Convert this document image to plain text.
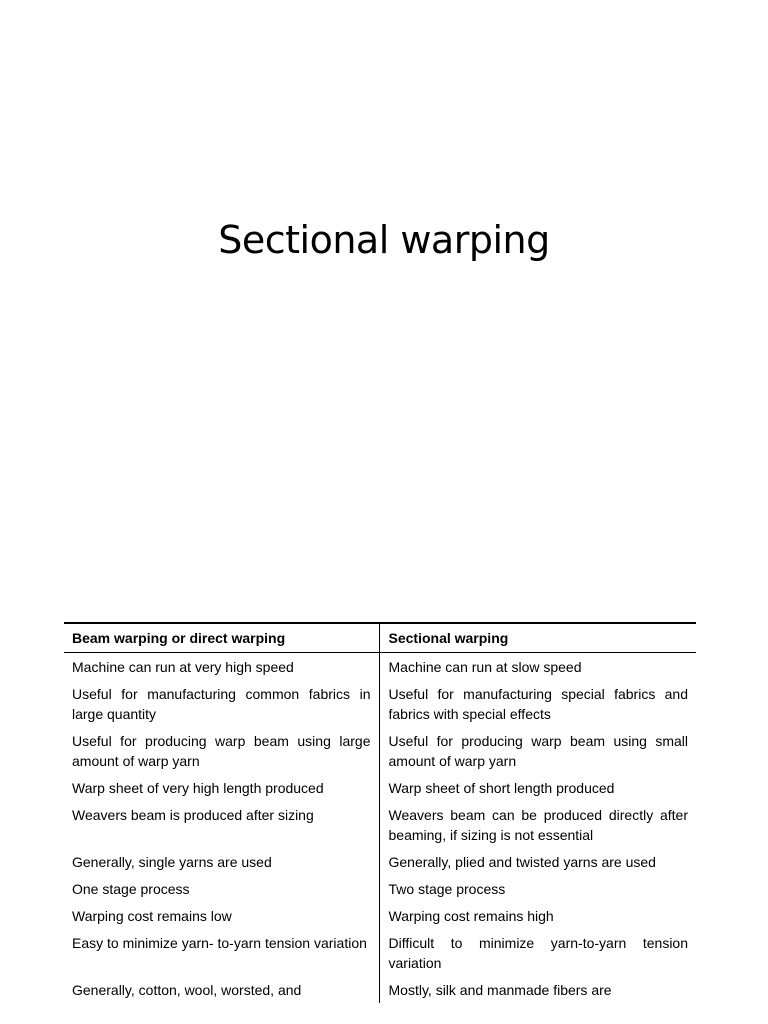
Sectional warping
Beam warping or direct warping	Sectional warping
Machine can run at very high speed	Machine can run at slow speed
Useful for manufacturing common fabrics in large quantity	Useful for manufacturing special fabrics and fabrics with special effects
Useful for producing warp beam using large amount of warp yarn	Useful for producing warp beam using small amount of warp yarn
Warp sheet of very high length produced	Warp sheet of short length produced
Weavers beam is produced after sizing	Weavers beam can be produced directly after beaming, if sizing is not essential
Generally, single yarns are used	Generally, plied and twisted yarns are used
One stage process	Two stage process
Warping cost remains low	Warping cost remains high
Easy to minimize yarn- to-yarn tension variation	Difficult to minimize yarn-to-yarn tension variation
Generally, cotton, wool, worsted, and	Mostly, silk and manmade fibers are
